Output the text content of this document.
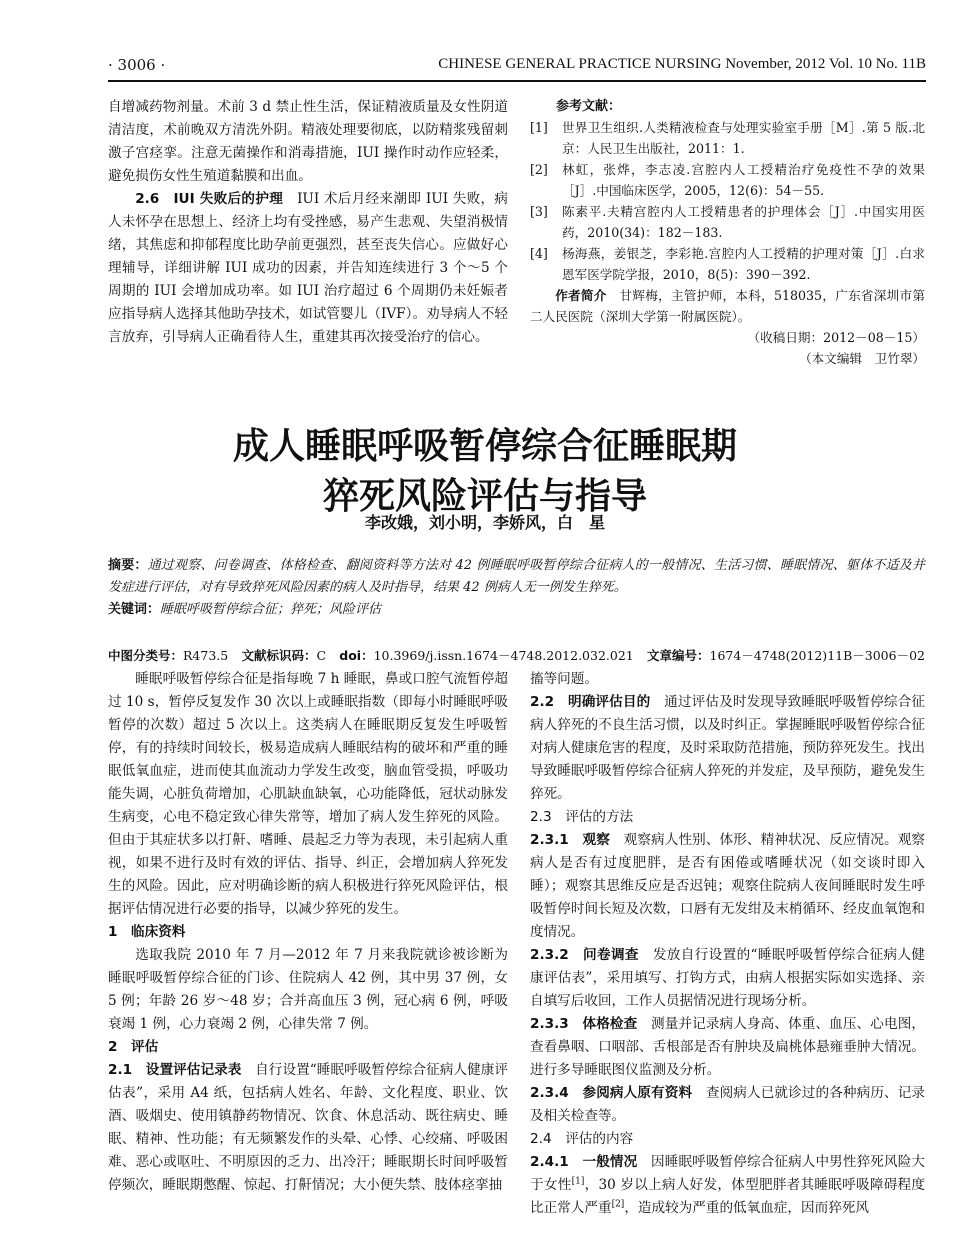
· 3006 ·	CHINESE GENERAL PRACTICE NURSING November, 2012 Vol. 10 No. 11B

自增减药物剂量。术前 3 d 禁止性生活，保证精液质量及女性阴道清洁度，术前晚双方清洗外阴。精液处理要彻底，以防精浆残留刺激子宫痉挛。注意无菌操作和消毒措施，IUI 操作时动作应轻柔，避免损伤女性生殖道黏膜和出血。

2.6　IUI 失败后的护理　 IUI 术后月经来潮即 IUI 失败，病人未怀孕在思想上、经济上均有受挫感，易产生悲观、失望消极情绪，其焦虑和抑郁程度比助孕前更强烈，甚至丧失信心。应做好心理辅导，详细讲解 IUI 成功的因素，并告知连续进行 3 个～5 个周期的 IUI 会增加成功率。如 IUI 治疗超过 6 个周期仍未妊娠者应指导病人选择其他助孕技术，如试管婴儿（IVF）。劝导病人不轻言放弃，引导病人正确看待人生，重建其再次接受治疗的信心。

参考文献：

[1]	世界卫生组织.人类精液检查与处理实验室手册［M］.第 5 版.北京：人民卫生出版社，2011：1.
[2]	林虹，张烨，李志凌.宫腔内人工授精治疗免疫性不孕的效果［J］.中国临床医学，2005，12(6)：54－55.
[3]	陈素平.夫精宫腔内人工授精患者的护理体会［J］.中国实用医药，2010(34)：182－183.
[4]	杨海燕，姜银芝，李彩艳.宫腔内人工授精的护理对策［J］.白求恩军医学院学报，2010，8(5)：390－392.

作者简介　甘辉梅，主管护师，本科，518035，广东省深圳市第二人民医院（深圳大学第一附属医院）。

（收稿日期：2012－08－15）

（本文编辑　卫竹翠）

成人睡眠呼吸暂停综合征睡眠期
猝死风险评估与指导

李改娥，刘小明，李娇风，白　星

摘要：通过观察、问卷调查、体格检查、翻阅资料等方法对 42 例睡眠呼吸暂停综合征病人的一般情况、生活习惯、睡眠情况、躯体不适及并发症进行评估，对有导致猝死风险因素的病人及时指导，结果 42 例病人无一例发生猝死。

关键词：睡眠呼吸暂停综合征；猝死；风险评估

中图分类号：R473.5 文献标识码：C doi：10.3969/j.issn.1674－4748.2012.032.021 文章编号：1674－4748(2012)11B－3006－02

睡眠呼吸暂停综合征是指每晚 7 h 睡眠，鼻或口腔气流暂停超过 10 s，暂停反复发作 30 次以上或睡眠指数（即每小时睡眠呼吸暂停的次数）超过 5 次以上。这类病人在睡眠期反复发生呼吸暂停，有的持续时间较长，极易造成病人睡眠结构的破坏和严重的睡眠低氧血症，进而使其血流动力学发生改变，脑血管受损，呼吸功能失调，心脏负荷增加，心肌缺血缺氧，心功能降低，冠状动脉发生病变，心电不稳定致心律失常等，增加了病人发生猝死的风险。但由于其症状多以打鼾、嗜睡、晨起乏力等为表现，未引起病人重视，如果不进行及时有效的评估、指导、纠正，会增加病人猝死发生的风险。因此，应对明确诊断的病人积极进行猝死风险评估，根据评估情况进行必要的指导，以减少猝死的发生。

1　临床资料

选取我院 2010 年 7 月—2012 年 7 月来我院就诊被诊断为睡眠呼吸暂停综合征的门诊、住院病人 42 例，其中男 37 例，女 5 例；年龄 26 岁～48 岁；合并高血压 3 例，冠心病 6 例，呼吸衰竭 1 例，心力衰竭 2 例，心律失常 7 例。

2　评估

2.1　设置评估记录表　 自行设置“睡眠呼吸暂停综合征病人健康评估表”，采用 A4 纸，包括病人姓名、年龄、文化程度、职业、饮酒、吸烟史、使用镇静药物情况、饮食、休息活动、既往病史、睡眠、精神、性功能；有无频繁发作的头晕、心悸、心绞痛、呼吸困难、恶心或呕吐、不明原因的乏力、出冷汗；睡眠期长时间呼吸暂停频次，睡眠期憋醒、惊起、打鼾情况；大小便失禁、肢体痉挛抽

搐等问题。

2.2　明确评估目的　 通过评估及时发现导致睡眠呼吸暂停综合征病人猝死的不良生活习惯，以及时纠正。掌握睡眠呼吸暂停综合征对病人健康危害的程度，及时采取防范措施，预防猝死发生。找出导致睡眠呼吸暂停综合征病人猝死的并发症，及早预防，避免发生猝死。

2.3　评估的方法

2.3.1　观察　 观察病人性别、体形、精神状况、反应情况。观察病人是否有过度肥胖，是否有困倦或嗜睡状况（如交谈时即入睡）；观察其思维反应是否迟钝；观察住院病人夜间睡眠时发生呼吸暂停时间长短及次数，口唇有无发绀及末梢循环、经皮血氧饱和度情况。

2.3.2　问卷调查　 发放自行设置的“睡眠呼吸暂停综合征病人健康评估表”，采用填写、打钩方式，由病人根据实际如实选择、亲自填写后收回，工作人员据情况进行现场分析。

2.3.3　体格检查　 测量并记录病人身高、体重、血压、心电图，查看鼻咽、口咽部、舌根部是否有肿块及扁桃体悬雍垂肿大情况。进行多导睡眠图仪监测及分析。

2.3.4　参阅病人原有资料　 查阅病人已就诊过的各种病历、记录及相关检查等。

2.4　评估的内容

2.4.1　一般情况　 因睡眠呼吸暂停综合征病人中男性猝死风险大于女性[1]，30 岁以上病人好发，体型肥胖者其睡眠呼吸障碍程度比正常人严重[2]，造成较为严重的低氧血症，因而猝死风
